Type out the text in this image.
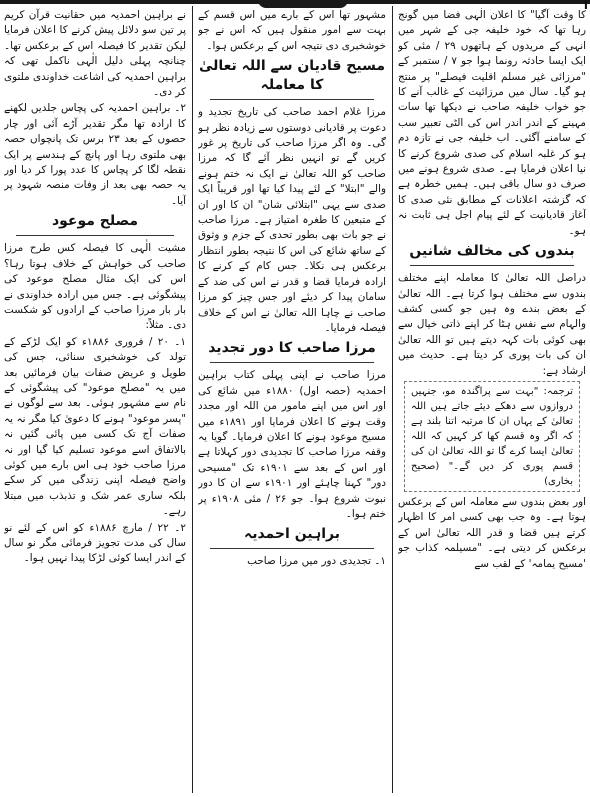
I

کا وقت آگیا" کا اعلان الٰہی فضا میں گونج رہا تھا کہ خود خلیفہ جی کے شہر میں انہی کے مریدوں کے ہاتھوں ۲۹ / مئی کو ایک ایسا حادثہ رونما ہوا جو ۷ / ستمبر کے "مرزائی غیر مسلم اقلیت فیصلے" پر منتج ہو گیا۔ سال میں مرزائیت کے غالب آنے کا جو خواب خلیفہ صاحب نے دیکھا تھا سات مہینے کے اندر اندر اس کی الٹی تعبیر سب کے سامنے آگئی۔ اب خلیفہ جی نے تازہ دم ہو کر غلبہ اسلام کی صدی شروع کرنے کا نیا اعلان فرمایا ہے۔ صدی شروع ہونے میں صرف دو سال باقی ہیں۔ ہمیں خطرہ ہے کہ گزشتہ اعلانات کے مطابق نئی صدی کا آغاز قادیانیت کے لئے پیام اجل ہی ثابت نہ ہو۔

بندوں کی مخالف شانیں

دراصل اللہ تعالیٰ کا معاملہ اپنے مختلف بندوں سے مختلف ہوا کرتا ہے۔ اللہ تعالیٰ کے بعض بندے وہ ہیں جو کسی کشف والہام سے نفس ہٹا کر اپنے ذاتی خیال سے بھی کوئی بات کہہ دیتے ہیں تو اللہ تعالیٰ ان کی بات پوری کر دیتا ہے۔ حدیث میں ارشاد ہے:

ترجمہ: "بہت سے پراگندہ مو، جنہیں دروازوں سے دھکے دیئے جاتے ہیں اللہ تعالیٰ کے یہاں ان کا مرتبہ اتنا بلند ہے کہ اگر وہ قسم کھا کر کہیں کہ اللہ تعالیٰ ایسا کرے گا تو اللہ تعالیٰ ان کی قسم پوری کر دیں گے۔" (صحیح بخاری)

اور بعض بندوں سے معاملہ اس کے برعکس ہوتا ہے۔ وہ جب بھی کسی امر کا اظہار کرتے ہیں قضا و قدر اللہ تعالیٰ اس کے برعکس کر دیتی ہے۔ "مسیلمہ کذاب جو 'مسیح یمامہ' کے لقب سے

مشہور تھا اس کے بارے میں اس قسم کے بہت سے امور منقول ہیں کہ اس نے جو خوشخبری دی نتیجہ اس کے برعکس ہوا۔

مسیح قادیان سے اللہ تعالیٰ کا معاملہ

مرزا غلام احمد صاحب کی تاریخ تجدید و دعوت پر قادیانی دوستوں سے زیادہ نظر ہو گی۔ وہ اگر مرزا صاحب کی تاریخ پر غور کریں گے تو انہیں نظر آئے گا کہ مرزا صاحب کو اللہ تعالیٰ نے ایک نہ ختم ہونے والے "ابتلا" کے لئے پیدا کیا تھا اور قریباً ایک صدی سے یہی "ابتلائی شان" ان کا اور ان کے متبعین کا طغرہ امتیاز ہے۔ مرزا صاحب نے جو بات بھی بطور تحدی کے جزم و وثوق کے ساتھ شائع کی اس کا نتیجہ بطور انتظار برعکس ہی نکلا۔ جس کام کے کرنے کا ارادہ فرمایا قضا و قدر نے اس کی ضد کے سامان پیدا کر دیئے اور جس چیز کو مرزا صاحب نے چاہا اللہ تعالیٰ نے اس کے خلاف فیصلہ فرمایا۔

مرزا صاحب کا دور تجدید

مرزا صاحب نے اپنی پہلی کتاب براہین احمدیہ (حصہ اول) ۱۸۸۰ء میں شائع کی اور اس میں اپنے مامور من اللہ اور مجدد وقت ہونے کا اعلان فرمایا اور ۱۸۹۱ء میں مسیح موعود ہونے کا اعلان فرمایا۔ گویا یہ وقفہ مرزا صاحب کا تجدیدی دور کہلاتا ہے اور اس کے بعد سے ۱۹۰۱ء تک "مسیحی دور" کہنا چاہئے اور ۱۹۰۱ء سے ان کا دور نبوت شروع ہوا۔ جو ۲۶ / مئی ۱۹۰۸ء پر ختم ہوا۔

براہین احمدیہ

۱۔ تجدیدی دور میں مرزا صاحب

نے براہین احمدیہ میں حقانیت قرآن کریم پر تین سو دلائل پیش کرنے کا اعلان فرمایا لیکن تقدیر کا فیصلہ اس کے برعکس تھا۔ چنانچہ پہلی دلیل الٰہی ناکمل تھی کہ براہین احمدیہ کی اشاعت خداوندی ملتوی کر دی۔

۲۔ براہین احمدیہ کی پچاس جلدیں لکھنے کا ارادہ تھا مگر تقدیر آڑے آئی اور چار حصوں کے بعد ۲۳ برس تک پانچواں حصہ بھی ملتوی رہا اور پانچ کے ہندسے پر ایک نقطہ لگا کر پچاس کا عدد پورا کر دیا اور یہ حصہ بھی بعد از وفات منصہ شہود پر آیا۔

مصلح موعود

مشیت الٰہی کا فیصلہ کس طرح مرزا صاحب کی خواہش کے خلاف ہوتا رہا؟ اس کی ایک مثال مصلح موعود کی پیشگوئی ہے۔ جس میں ارادہ خداوندی نے بار بار مرزا صاحب کے ارادوں کو شکست دی۔ مثلاً:

۱۔ ۲۰ / فروری ۱۸۸۶ء کو ایک لڑکے کے تولد کی خوشخبری سنائی، جس کی طویل و عریض صفات بیان فرمائیں بعد میں یہ "مصلح موعود" کی پیشگوئی کے نام سے مشہور ہوئی۔ بعد سے لوگوں نے "پسر موعود" ہونے کا دعویٰ کیا مگر نہ یہ صفات آج تک کسی میں پائی گئیں نہ بالاتفاق اسے موعود تسلیم کیا گیا اور نہ مرزا صاحب خود ہی اس بارے میں کوئی واضح فیصلہ اپنی زندگی میں کر سکے بلکہ ساری عمر شک و تذبذب میں مبتلا رہے۔

۲۔ ۲۲ / مارچ ۱۸۸۶ء کو اس کے لئے نو سال کی مدت تجویز فرمائی مگر نو سال کے اندر ایسا کوئی لڑکا پیدا نہیں ہوا۔
